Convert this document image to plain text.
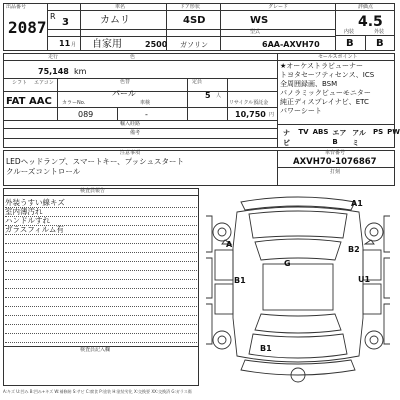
出品番号
2087
R
3
11 月
車名
カムリ
ドア形状
4SD
グレード
WS
評価点
4.5
自家用	2500 ガソリン
型式
6AA-AXVH70
内装	外装
B B
走行
75,148 km
色
色替
パール
定員
5 人
シフト エアコン
FAT AAC カラーNo.
089
車検
-
リサイクル預託金
10,750 円
輸入経路
備考
セールスポイント
★オーケストラビューナー
トヨタセーフティセンス、ICS
全周囲録画、BSM
パノラミックビューモニター
純正ディスプレイナビ、ETC
パワーシート
ナビ
TV ABS エアB
アルミ
PS PW
注意事項
LEDヘッドランプ、スマートキー、プッシュスタート
クルーズコントロール
車台番号
AXVH70-1076867
打刻
検査員報告
外装うすい線キズ
室内薄汚れ
ハンドルすれ
ガラスフィルム有
検査員記入欄
A1
B2
G
A
B1	U1
B1
A:キズ U:凹み B:凹み+キズ W:補修跡 S:サビ C:腐食 P:塗装 H:塗装劣化 X:交換要 XX:交換済 G:ガラス傷
